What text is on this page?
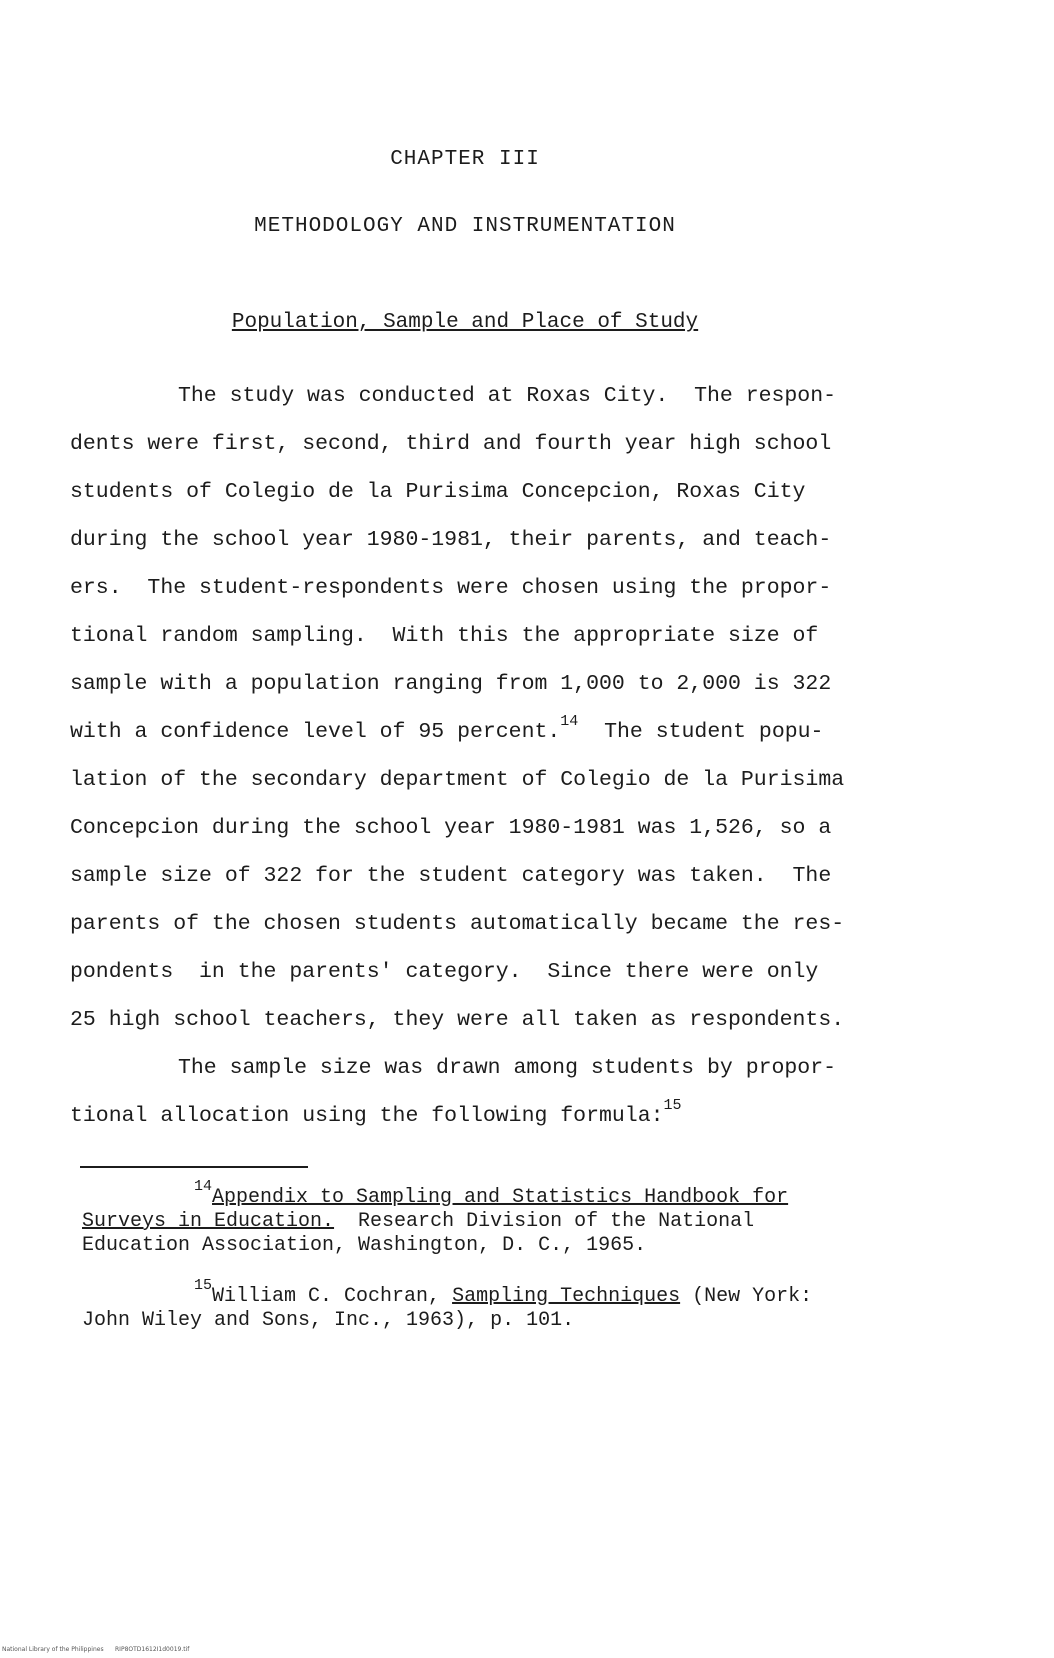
CHAPTER III
METHODOLOGY AND INSTRUMENTATION
Population, Sample and Place of Study
The study was conducted at Roxas City.  The respon-
dents were first, second, third and fourth year high school
students of Colegio de la Purisima Concepcion, Roxas City
during the school year 1980-1981, their parents, and teach-
ers.  The student-respondents were chosen using the propor-
tional random sampling.  With this the appropriate size of
sample with a population ranging from 1,000 to 2,000 is 322
with a confidence level of 95 percent.$^{14}$  The student popu-
lation of the secondary department of Colegio de la Purisima
Concepcion during the school year 1980-1981 was 1,526, so a
sample size of 322 for the student category was taken.  The
parents of the chosen students automatically became the res-
pondents  in the parents' category.  Since there were only
25 high school teachers, they were all taken as respondents.
The sample size was drawn among students by propor-
tional allocation using the following formula:$^{15}$
$^{14}$Appendix to Sampling and Statistics Handbook for
Surveys in Education.  Research Division of the National
Education Association, Washington, D. C., 1965.
$^{15}$William C. Cochran, Sampling Techniques (New York:
John Wiley and Sons, Inc., 1963), p. 101.
National Library of the Philippines      RIP8OTD1612I1d0019.tif
